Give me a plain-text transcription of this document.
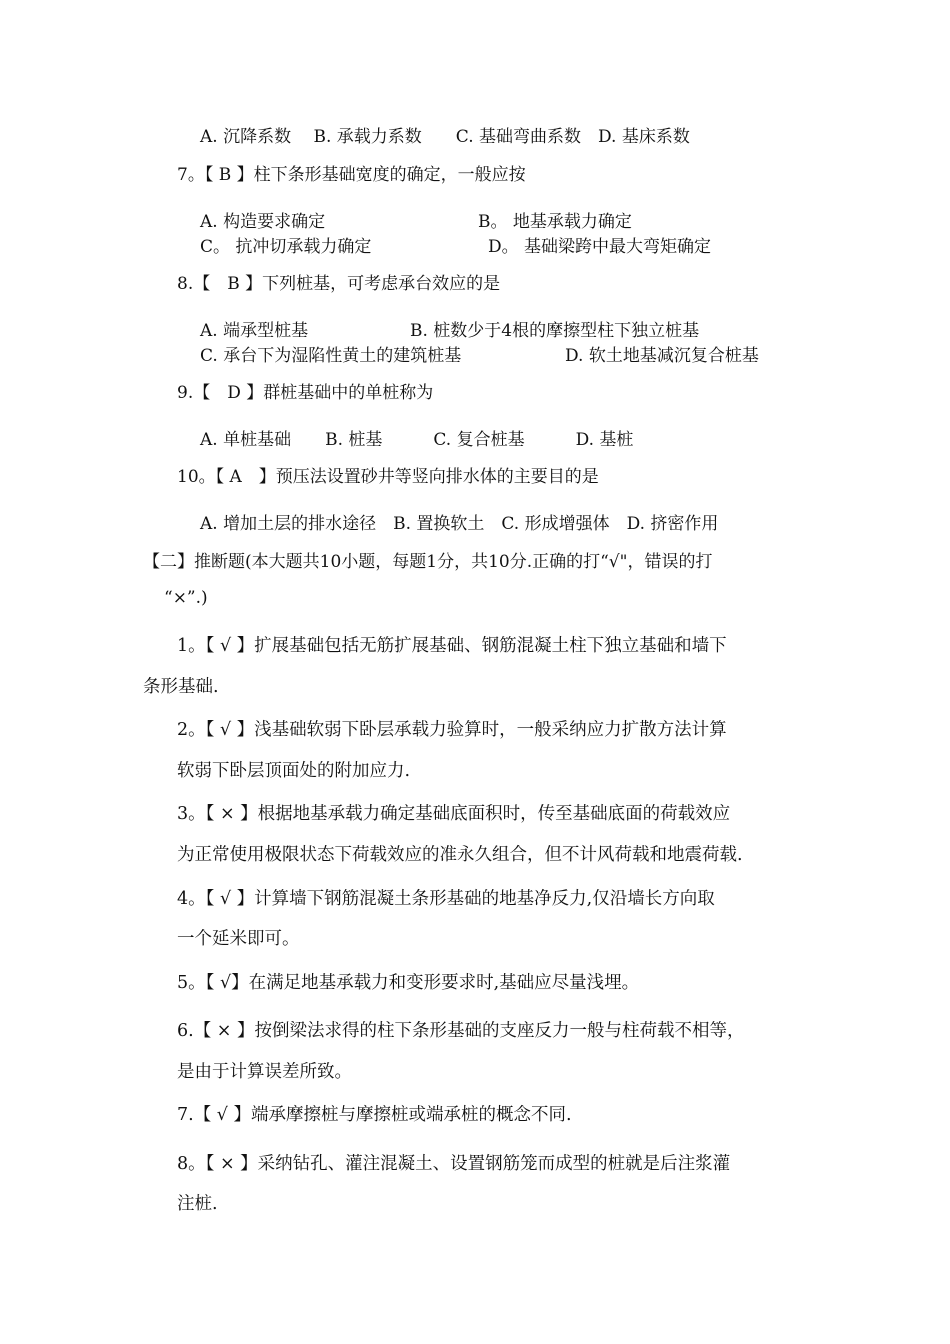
A. 沉降系数　 B. 承载力系数　　C. 基础弯曲系数　D. 基床系数
7。【 B 】柱下条形基础宽度的确定，一般应按
A. 构造要求确定	B。 地基承载力确定
C。 抗冲切承载力确定	D。 基础梁跨中最大弯矩确定
8.【　B 】下列桩基，可考虑承台效应的是
A. 端承型桩基	B. 桩数少于4根的摩擦型柱下独立桩基
C. 承台下为湿陷性黄土的建筑桩基	D. 软土地基减沉复合桩基
9.【　D 】群桩基础中的单桩称为
A. 单桩基础　　B. 桩基　　　C. 复合桩基　　　D. 基桩
10。【 A　】预压法设置砂井等竖向排水体的主要目的是
A. 增加土层的排水途径　B. 置换软土　C. 形成增强体　D. 挤密作用
【二】推断题(本大题共10小题，每题1分，共10分.正确的打“√"，错误的打
“×”.)
1。【 √ 】扩展基础包括无筋扩展基础、钢筋混凝土柱下独立基础和墙下
条形基础.
2。【 √ 】浅基础软弱下卧层承载力验算时，一般采纳应力扩散方法计算
软弱下卧层顶面处的附加应力.
3。【 × 】根据地基承载力确定基础底面积时，传至基础底面的荷载效应
为正常使用极限状态下荷载效应的准永久组合，但不计风荷载和地震荷载.
4。【 √ 】计算墙下钢筋混凝土条形基础的地基净反力,仅沿墙长方向取
一个延米即可。
5。【 √】在满足地基承载力和变形要求时,基础应尽量浅埋。
6.【 × 】按倒梁法求得的柱下条形基础的支座反力一般与柱荷载不相等，
是由于计算误差所致。
7.【 √ 】端承摩擦桩与摩擦桩或端承桩的概念不同.
8。【 × 】采纳钻孔、灌注混凝土、设置钢筋笼而成型的桩就是后注浆灌
注桩.
